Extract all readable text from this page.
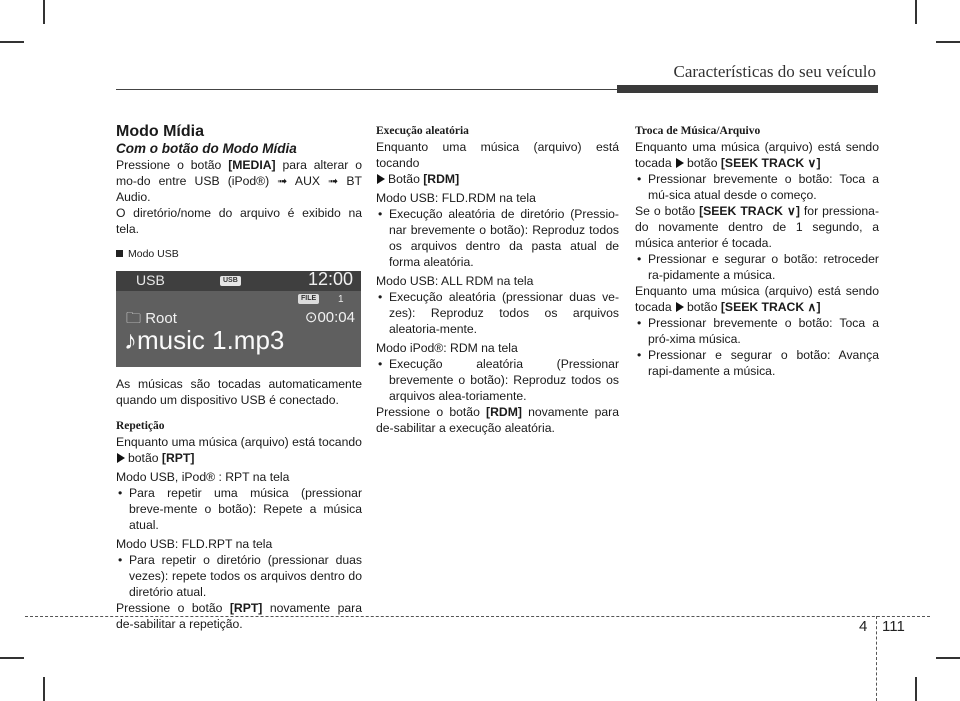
Características do seu veículo

Modo Mídia

Com o botão do Modo Mídia

Pressione o botão [MEDIA] para alterar o mo-do entre USB (iPod®) ➟ AUX ➟ BT Audio.

O diretório/nome do arquivo é exibido na tela.

Modo USB
USB	USB	12:00
FILE	1
🗀 Root	⊙00:04
♪music 1.mp3

As músicas são tocadas automaticamente quando um dispositivo USB é conectado.

Repetição

Enquanto uma música (arquivo) está tocando

botão [RPT]

Modo USB, iPod® : RPT na tela

• Para repetir uma música (pressionar breve-mente o botão): Repete a música atual.

Modo USB: FLD.RPT na tela

• Para repetir o diretório (pressionar duas vezes): repete todos os arquivos dentro do diretório atual.

Pressione o botão [RPT] novamente para de-sabilitar a repetição.

Execução aleatória

Enquanto uma música (arquivo) está tocando

Botão [RDM]

Modo USB: FLD.RDM na tela

• Execução aleatória de diretório (Pressio-nar brevemente o botão): Reproduz todos os arquivos dentro da pasta atual de forma aleatória.

Modo USB: ALL RDM na tela

• Execução aleatória (pressionar duas ve-zes): Reproduz todos os arquivos aleatoria-mente.

Modo iPod®: RDM na tela

• Execução aleatória (Pressionar brevemente o botão): Reproduz todos os arquivos alea-toriamente.

Pressione o botão [RDM] novamente para de-sabilitar a execução aleatória.

Troca de Música/Arquivo

Enquanto uma música (arquivo) está sendo tocada botão [SEEK TRACK ∨]

• Pressionar brevemente o botão: Toca a mú-sica atual desde o começo.

Se o botão [SEEK TRACK ∨] for pressiona-do novamente dentro de 1 segundo, a música anterior é tocada.

• Pressionar e segurar o botão: retroceder ra-pidamente a música.

Enquanto uma música (arquivo) está sendo tocada botão [SEEK TRACK ∧]

• Pressionar brevemente o botão: Toca a pró-xima música.

• Pressionar e segurar o botão: Avança rapi-damente a música.

4 111
